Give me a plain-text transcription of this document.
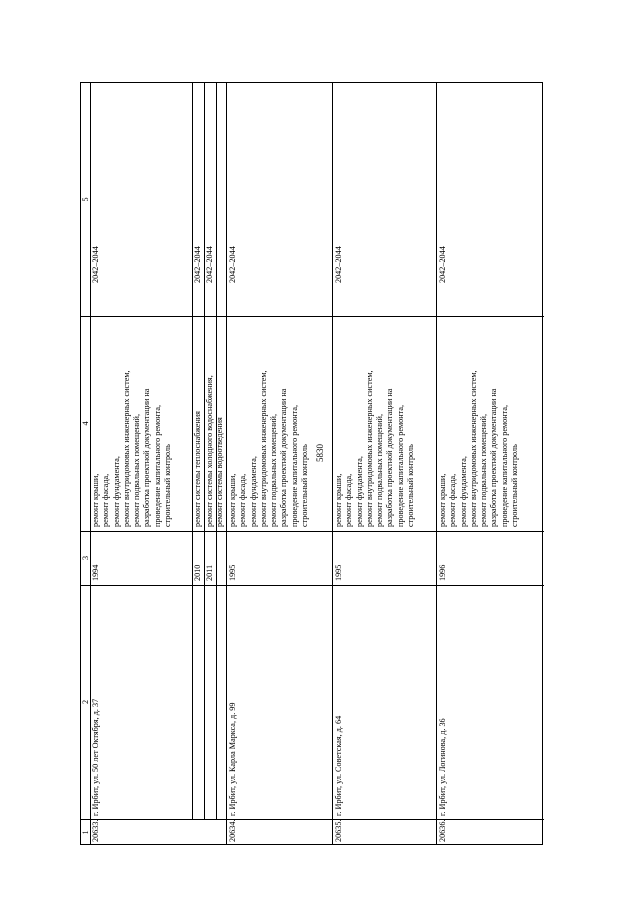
5830
1
2
3
4
5
20633.
г. Ирбит, ул. 50 лет Октября, д. 37
1994
ремонт крыши, ремонт фасада, ремонт фундамента, ремонт внутридомовых инженерных систем, ремонт подвальных помещений, разработка проектной документации на проведение капитального ремонта, строительный контроль
2042–2044
2010
ремонт системы теплоснабжения
2042–2044
2011
ремонт системы холодного водоснабжения, ремонт системы водоотведения
2042–2044
20634.
г. Ирбит, ул. Карла Маркса, д. 99
1995
ремонт крыши, ремонт фасада, ремонт фундамента, ремонт внутридомовых инженерных систем, ремонт подвальных помещений, разработка проектной документации на проведение капитального ремонта, строительный контроль
2042–2044
20635.
г. Ирбит, ул. Советская, д. 64
1995
ремонт крыши, ремонт фасада, ремонт фундамента, ремонт внутридомовых инженерных систем, ремонт подвальных помещений, разработка проектной документации на проведение капитального ремонта, строительный контроль
2042–2044
20636.
г. Ирбит, ул. Логинова, д. 36
1996
ремонт крыши, ремонт фасада, ремонт фундамента, ремонт внутридомовых инженерных систем, ремонт подвальных помещений, разработка проектной документации на проведение капитального ремонта, строительный контроль
2042–2044
